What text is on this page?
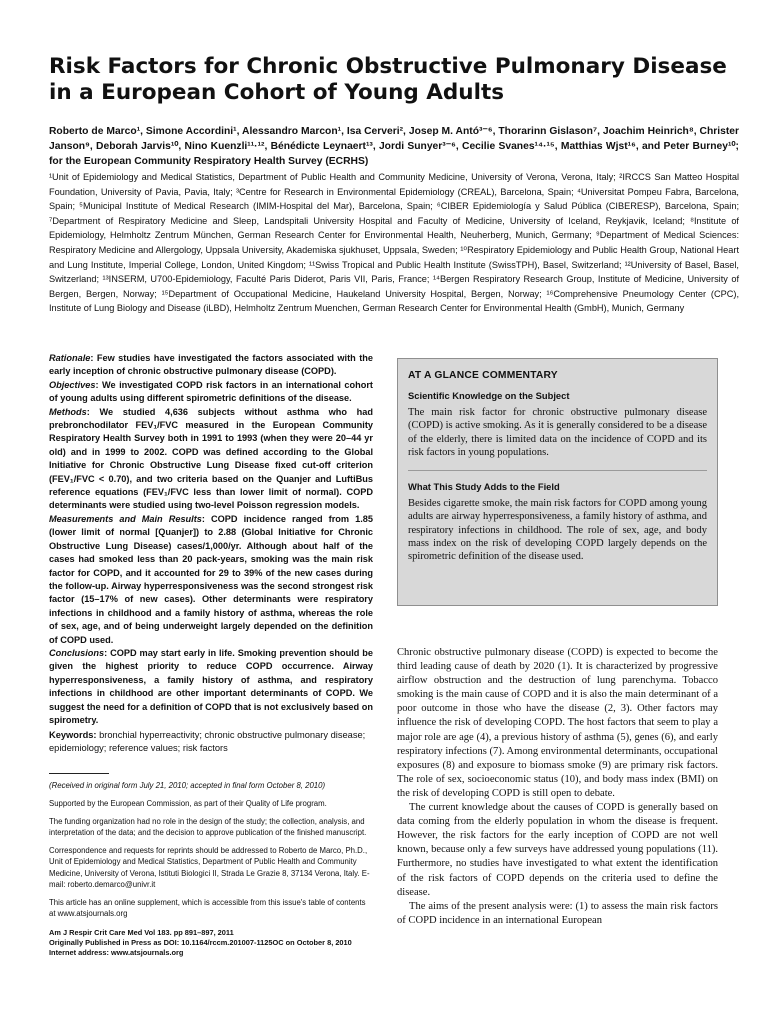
Risk Factors for Chronic Obstructive Pulmonary Disease in a European Cohort of Young Adults

Roberto de Marco¹, Simone Accordini¹, Alessandro Marcon¹, Isa Cerveri², Josep M. Antó³⁻⁶, Thorarinn Gislason⁷, Joachim Heinrich⁸, Christer Janson⁹, Deborah Jarvis¹⁰, Nino Kuenzli¹¹·¹², Bénédicte Leynaert¹³, Jordi Sunyer³⁻⁶, Cecilie Svanes¹⁴·¹⁵, Matthias Wjst¹⁶, and Peter Burney¹⁰; for the European Community Respiratory Health Survey (ECRHS)

¹Unit of Epidemiology and Medical Statistics, Department of Public Health and Community Medicine, University of Verona, Verona, Italy; ²IRCCS San Matteo Hospital Foundation, University of Pavia, Pavia, Italy; ³Centre for Research in Environmental Epidemiology (CREAL), Barcelona, Spain; ⁴Universitat Pompeu Fabra, Barcelona, Spain; ⁵Municipal Institute of Medical Research (IMIM-Hospital del Mar), Barcelona, Spain; ⁶CIBER Epidemiología y Salud Pública (CIBERESP), Barcelona, Spain; ⁷Department of Respiratory Medicine and Sleep, Landspitali University Hospital and Faculty of Medicine, University of Iceland, Reykjavik, Iceland; ⁸Institute of Epidemiology, Helmholtz Zentrum München, German Research Center for Environmental Health, Neuherberg, Munich, Germany; ⁹Department of Medical Sciences: Respiratory Medicine and Allergology, Uppsala University, Akademiska sjukhuset, Uppsala, Sweden; ¹⁰Respiratory Epidemiology and Public Health Group, National Heart and Lung Institute, Imperial College, London, United Kingdom; ¹¹Swiss Tropical and Public Health Institute (SwissTPH), Basel, Switzerland; ¹²University of Basel, Basel, Switzerland; ¹³INSERM, U700-Epidemiology, Faculté Paris Diderot, Paris VII, Paris, France; ¹⁴Bergen Respiratory Research Group, Institute of Medicine, University of Bergen, Bergen, Norway; ¹⁵Department of Occupational Medicine, Haukeland University Hospital, Bergen, Norway; ¹⁶Comprehensive Pneumology Center (CPC), Institute of Lung Biology and Disease (iLBD), Helmholtz Zentrum Muenchen, German Research Center for Environmental Health (GmbH), Munich, Germany

Rationale: Few studies have investigated the factors associated with the early inception of chronic obstructive pulmonary disease (COPD).

Objectives: We investigated COPD risk factors in an international cohort of young adults using different spirometric definitions of the disease.

Methods: We studied 4,636 subjects without asthma who had prebronchodilator FEV₁/FVC measured in the European Community Respiratory Health Survey both in 1991 to 1993 (when they were 20–44 yr old) and in 1999 to 2002. COPD was defined according to the Global Initiative for Chronic Obstructive Lung Disease fixed cut-off criterion (FEV₁/FVC < 0.70), and two criteria based on the Quanjer and LuftiBus reference equations (FEV₁/FVC less than lower limit of normal). COPD determinants were studied using two-level Poisson regression models.

Measurements and Main Results: COPD incidence ranged from 1.85 (lower limit of normal [Quanjer]) to 2.88 (Global Initiative for Chronic Obstructive Lung Disease) cases/1,000/yr. Although about half of the cases had smoked less than 20 pack-years, smoking was the main risk factor for COPD, and it accounted for 29 to 39% of the new cases during the follow-up. Airway hyperresponsiveness was the second strongest risk factor (15–17% of new cases). Other determinants were respiratory infections in childhood and a family history of asthma, whereas the role of sex, age, and of being underweight largely depended on the definition of COPD used.

Conclusions: COPD may start early in life. Smoking prevention should be given the highest priority to reduce COPD occurrence. Airway hyperresponsiveness, a family history of asthma, and respiratory infections in childhood are other important determinants of COPD. We suggest the need for a definition of COPD that is not exclusively based on spirometry.

Keywords: bronchial hyperreactivity; chronic obstructive pulmonary disease; epidemiology; reference values; risk factors

(Received in original form July 21, 2010; accepted in final form October 8, 2010)

Supported by the European Commission, as part of their Quality of Life program.

The funding organization had no role in the design of the study; the collection, analysis, and interpretation of the data; and the decision to approve publication of the finished manuscript.

Correspondence and requests for reprints should be addressed to Roberto de Marco, Ph.D., Unit of Epidemiology and Medical Statistics, Department of Public Health and Community Medicine, University of Verona, Istituti Biologici II, Strada Le Grazie 8, 37134 Verona, Italy. E-mail: roberto.demarco@univr.it

This article has an online supplement, which is accessible from this issue's table of contents at www.atsjournals.org

Am J Respir Crit Care Med Vol 183. pp 891–897, 2011
Originally Published in Press as DOI: 10.1164/rccm.201007-1125OC on October 8, 2010
Internet address: www.atsjournals.org

AT A GLANCE COMMENTARY

Scientific Knowledge on the Subject

The main risk factor for chronic obstructive pulmonary disease (COPD) is active smoking. As it is generally considered to be a disease of the elderly, there is limited data on the incidence of COPD and its risk factors in young populations.

What This Study Adds to the Field

Besides cigarette smoke, the main risk factors for COPD among young adults are airway hyperresponsiveness, a family history of asthma, and respiratory infections in childhood. The role of sex, age, and body mass index on the risk of developing COPD largely depends on the spirometric definition of the disease used.

Chronic obstructive pulmonary disease (COPD) is expected to become the third leading cause of death by 2020 (1). It is characterized by progressive airflow obstruction and the destruction of lung parenchyma. Tobacco smoking is the main cause of COPD and it is also the main determinant of a poor outcome in those who have the disease (2, 3). Other factors may influence the risk of developing COPD. The host factors that seem to play a major role are age (4), a previous history of asthma (5), genes (6), and early respiratory infections (7). Among environmental determinants, occupational exposures (8) and exposure to biomass smoke (9) are primary risk factors. The role of sex, socioeconomic status (10), and body mass index (BMI) on the risk of developing COPD is still open to debate.

The current knowledge about the causes of COPD is generally based on data coming from the elderly population in whom the disease is frequent. However, the risk factors for the early inception of COPD are not well known, because only a few surveys have addressed young populations (11). Furthermore, no studies have investigated to what extent the identification of the risk factors of COPD depends on the criteria used to define the disease.

The aims of the present analysis were: (1) to assess the main risk factors of COPD incidence in an international European
